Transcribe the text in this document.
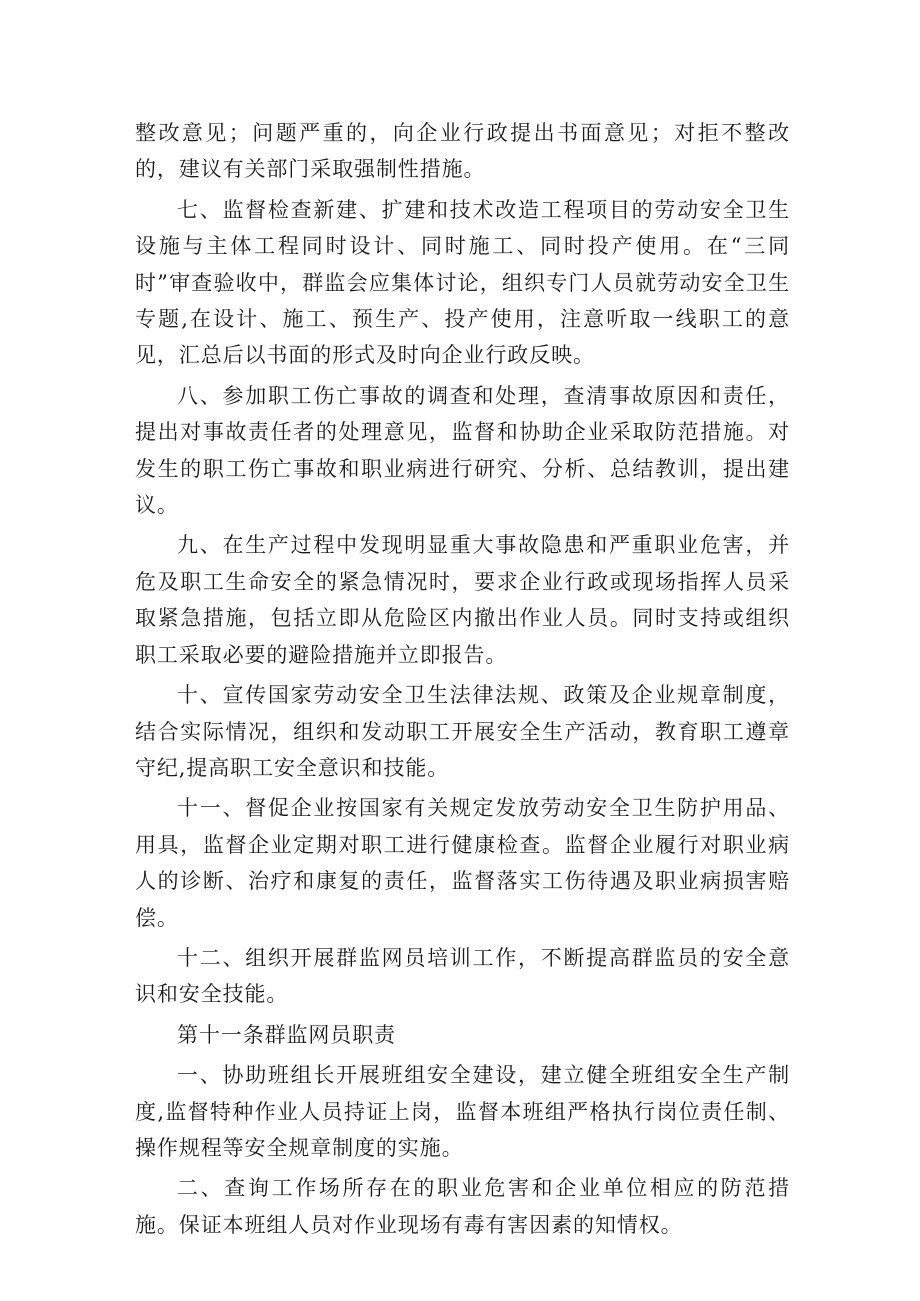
整改意见；问题严重的，向企业行政提出书面意见；对拒不整改的，建议有关部门采取强制性措施。

七、监督检查新建、扩建和技术改造工程项目的劳动安全卫生设施与主体工程同时设计、同时施工、同时投产使用。在“三同时”审查验收中，群监会应集体讨论，组织专门人员就劳动安全卫生专题,在设计、施工、预生产、投产使用，注意听取一线职工的意见，汇总后以书面的形式及时向企业行政反映。

八、参加职工伤亡事故的调查和处理，查清事故原因和责任，提出对事故责任者的处理意见，监督和协助企业采取防范措施。对发生的职工伤亡事故和职业病进行研究、分析、总结教训，提出建议。

九、在生产过程中发现明显重大事故隐患和严重职业危害，并危及职工生命安全的紧急情况时，要求企业行政或现场指挥人员采取紧急措施，包括立即从危险区内撤出作业人员。同时支持或组织职工采取必要的避险措施并立即报告。

十、宣传国家劳动安全卫生法律法规、政策及企业规章制度，结合实际情况，组织和发动职工开展安全生产活动，教育职工遵章守纪,提高职工安全意识和技能。

十一、督促企业按国家有关规定发放劳动安全卫生防护用品、用具，监督企业定期对职工进行健康检查。监督企业履行对职业病人的诊断、治疗和康复的责任，监督落实工伤待遇及职业病损害赔偿。

十二、组织开展群监网员培训工作，不断提高群监员的安全意识和安全技能。

第十一条群监网员职责

一、协助班组长开展班组安全建设，建立健全班组安全生产制度,监督特种作业人员持证上岗，监督本班组严格执行岗位责任制、操作规程等安全规章制度的实施。

二、查询工作场所存在的职业危害和企业单位相应的防范措施。保证本班组人员对作业现场有毒有害因素的知情权。
